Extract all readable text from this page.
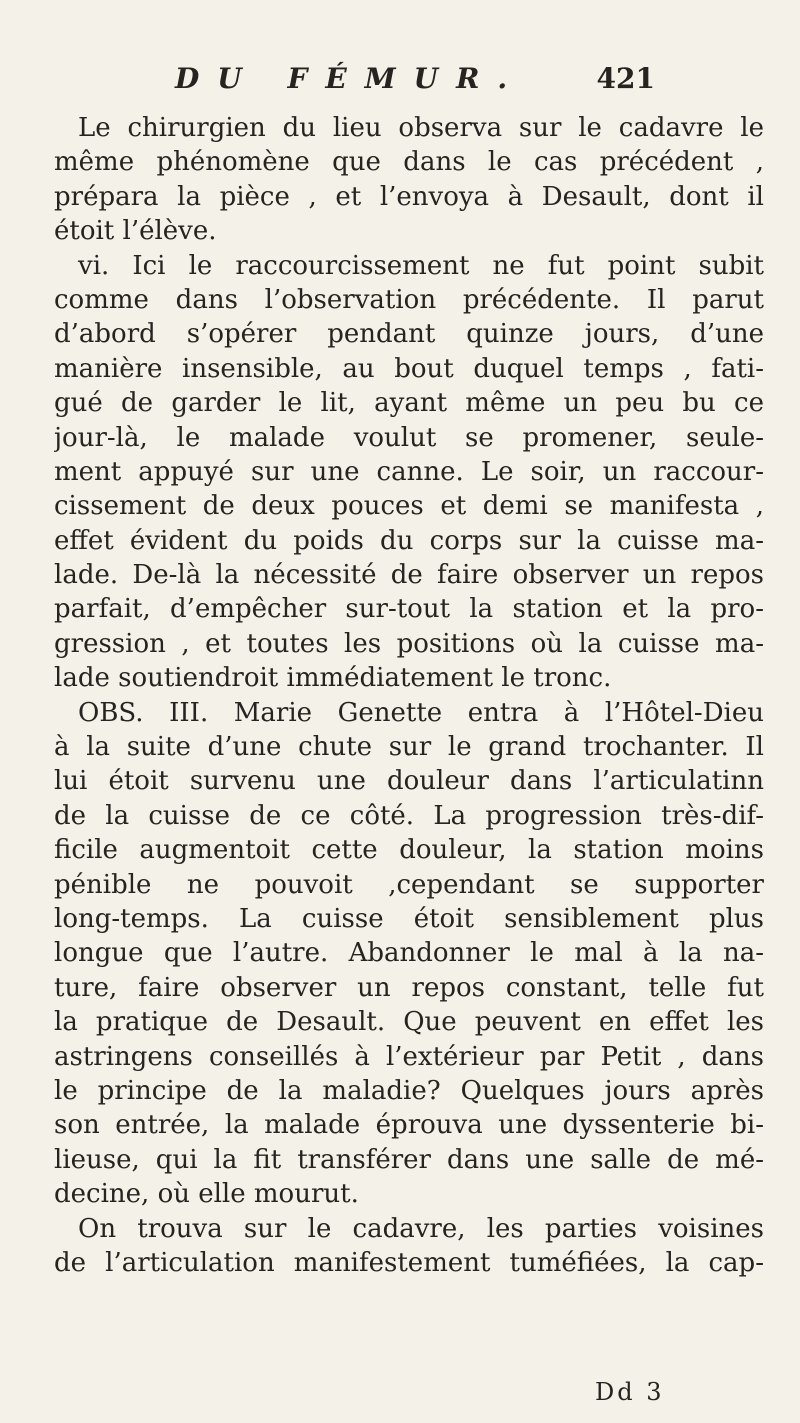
DU FÉMUR.	421
Le chirurgien du lieu observa sur le cadavre le
même phénomène que dans le cas précédent ,
prépara la pièce , et l’envoya à Desault, dont il
étoit l’élève.
vi. Ici le raccourcissement ne fut point subit
comme dans l’observation précédente. Il parut
d’abord s’opérer pendant quinze jours, d’une
manière insensible, au bout duquel temps , fati-
gué de garder le lit, ayant même un peu bu ce
jour-là, le malade voulut se promener, seule-
ment appuyé sur une canne. Le soir, un raccour-
cissement de deux pouces et demi se manifesta ,
effet évident du poids du corps sur la cuisse ma-
lade. De-là la nécessité de faire observer un repos
parfait, d’empêcher sur-tout la station et la pro-
gression , et toutes les positions où la cuisse ma-
lade soutiendroit immédiatement le tronc.
OBS. III. Marie Genette entra à l’Hôtel-Dieu
à la suite d’une chute sur le grand trochanter. Il
lui étoit survenu une douleur dans l’articulatinn
de la cuisse de ce côté. La progression très-dif-
ficile augmentoit cette douleur, la station moins
pénible ne pouvoit ,cependant se supporter
long-temps. La cuisse étoit sensiblement plus
longue que l’autre. Abandonner le mal à la na-
ture, faire observer un repos constant, telle fut
la pratique de Desault. Que peuvent en effet les
astringens conseillés à l’extérieur par Petit , dans
le principe de la maladie? Quelques jours après
son entrée, la malade éprouva une dyssenterie bi-
lieuse, qui la fit transférer dans une salle de mé-
decine, où elle mourut.
On trouva sur le cadavre, les parties voisines
de l’articulation manifestement tuméfiées, la cap-
Dd 3
